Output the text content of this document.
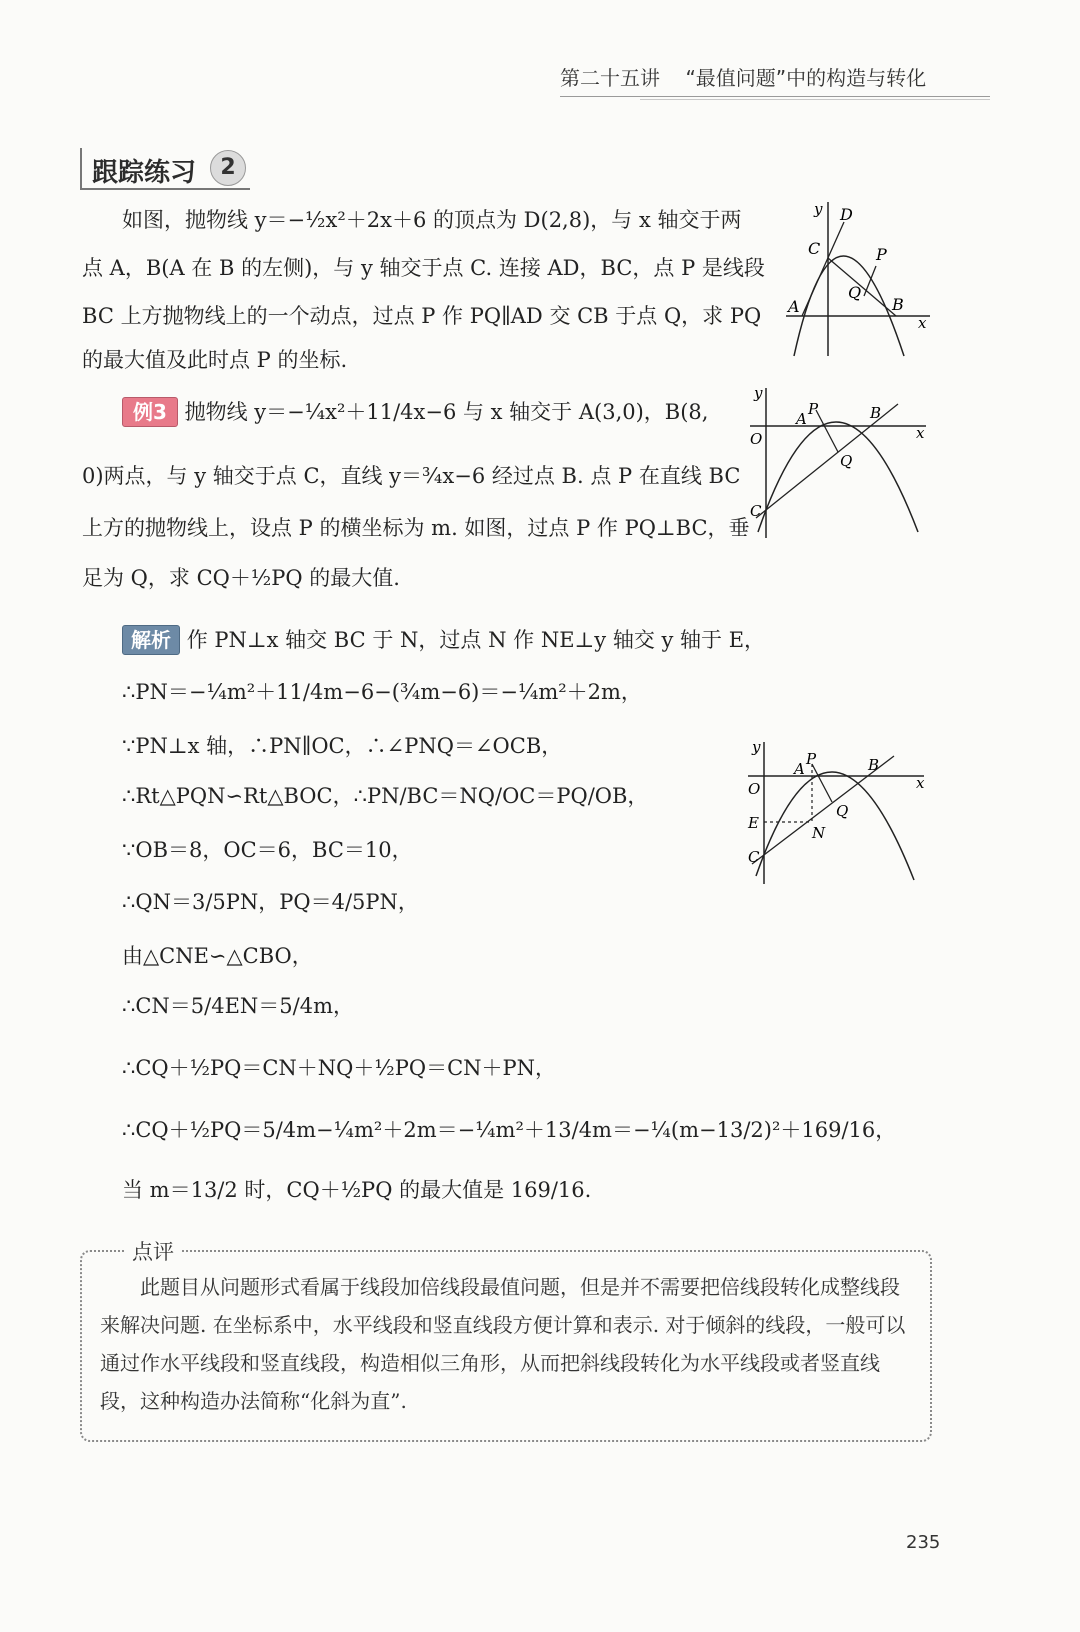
第二十五讲 “最值问题”中的构造与转化
跟踪练习	2
如图，抛物线 y＝−½x²＋2x＋6 的顶点为 D(2,8)，与 x 轴交于两
点 A，B(A 在 B 的左侧)，与 y 轴交于点 C. 连接 AD，BC，点 P 是线段
BC 上方抛物线上的一个动点，过点 P 作 PQ∥AD 交 CB 于点 Q，求 PQ
的最大值及此时点 P 的坐标.
y D
C	P
Q
A	B
x
例3 抛物线 y＝−¼x²＋11/4x−6 与 x 轴交于 A(3,0)，B(8,
0)两点，与 y 轴交于点 C，直线 y＝¾x−6 经过点 B. 点 P 在直线 BC
上方的抛物线上，设点 P 的横坐标为 m. 如图，过点 P 作 PQ⊥BC，垂
足为 Q，求 CQ＋½PQ 的最大值.
y
A
P	B
x
O
Q
C
解析 作 PN⊥x 轴交 BC 于 N，过点 N 作 NE⊥y 轴交 y 轴于 E，
∴PN＝−¼m²＋11/4m−6−(¾m−6)＝−¼m²＋2m，
∵PN⊥x 轴，∴PN∥OC，∴∠PNQ＝∠OCB，
∴Rt△PQN∽Rt△BOC，∴PN/BC＝NQ/OC＝PQ/OB，
∵OB＝8，OC＝6，BC＝10，
∴QN＝3/5PN，PQ＝4/5PN，
由△CNE∽△CBO，
∴CN＝5/4EN＝5/4m，
∴CQ＋½PQ＝CN＋NQ＋½PQ＝CN＋PN，
∴CQ＋½PQ＝5/4m−¼m²＋2m＝−¼m²＋13/4m＝−¼(m−13/2)²＋169/16，
当 m＝13/2 时，CQ＋½PQ 的最大值是 169/16.
y
A
P	B
x
O
Q
E
N
C
点评
此题目从问题形式看属于线段加倍线段最值问题，但是并不需要把倍线段转化成整线段来解决问题. 在坐标系中，水平线段和竖直线段方便计算和表示. 对于倾斜的线段，一般可以通过作水平线段和竖直线段，构造相似三角形，从而把斜线段转化为水平线段或者竖直线段，这种构造办法简称“化斜为直”.
235
